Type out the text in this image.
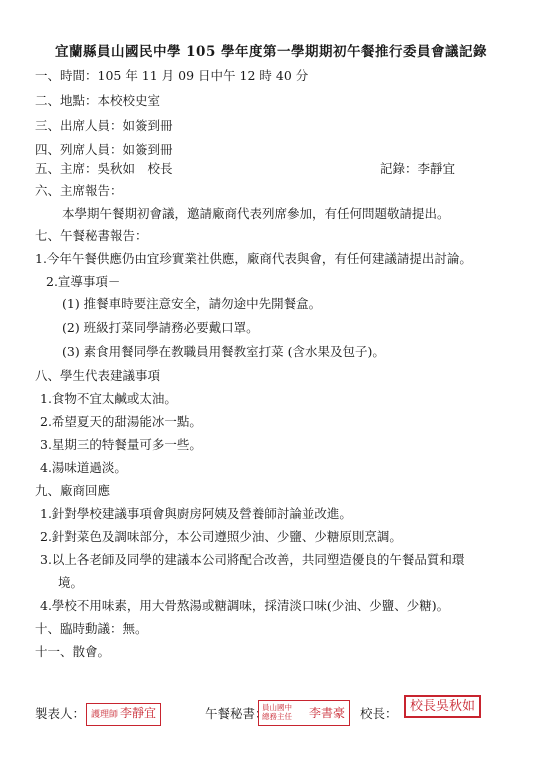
宜蘭縣員山國民中學 105 學年度第一學期期初午餐推行委員會議記錄
一、時間：105 年 11 月 09 日中午 12 時 40 分
二、地點：本校校史室
三、出席人員：如簽到冊
四、列席人員：如簽到冊
五、主席：吳秋如　校長	記錄：李靜宜
六、主席報告：
本學期午餐期初會議，邀請廠商代表列席參加，有任何問題敬請提出。
七、午餐秘書報告：
1.今年午餐供應仍由宜珍實業社供應，廠商代表與會，有任何建議請提出討論。
2.宣導事項－
(1) 推餐車時要注意安全，請勿途中先開餐盒。
(2) 班級打菜同學請務必要戴口罩。
(3) 素食用餐同學在教職員用餐教室打菜 (含水果及包子)。
八、學生代表建議事項
1.食物不宜太鹹或太油。
2.希望夏天的甜湯能冰一點。
3.星期三的特餐量可多一些。
4.湯味道過淡。
九、廠商回應
1.針對學校建議事項會與廚房阿姨及營養師討論並改進。
2.針對菜色及調味部分，本公司遵照少油、少鹽、少糖原則烹調。
3.以上各老師及同學的建議本公司將配合改善，共同塑造優良的午餐品質和環
境。
4.學校不用味素，用大骨熬湯或糖調味，採清淡口味(少油、少鹽、少糖)。
十、臨時動議：無。
十一、散會。
製表人： 護理師 李靜宜	午餐秘書：
員山國中
總務主任 李書豪 校長： 校長吳秋如
